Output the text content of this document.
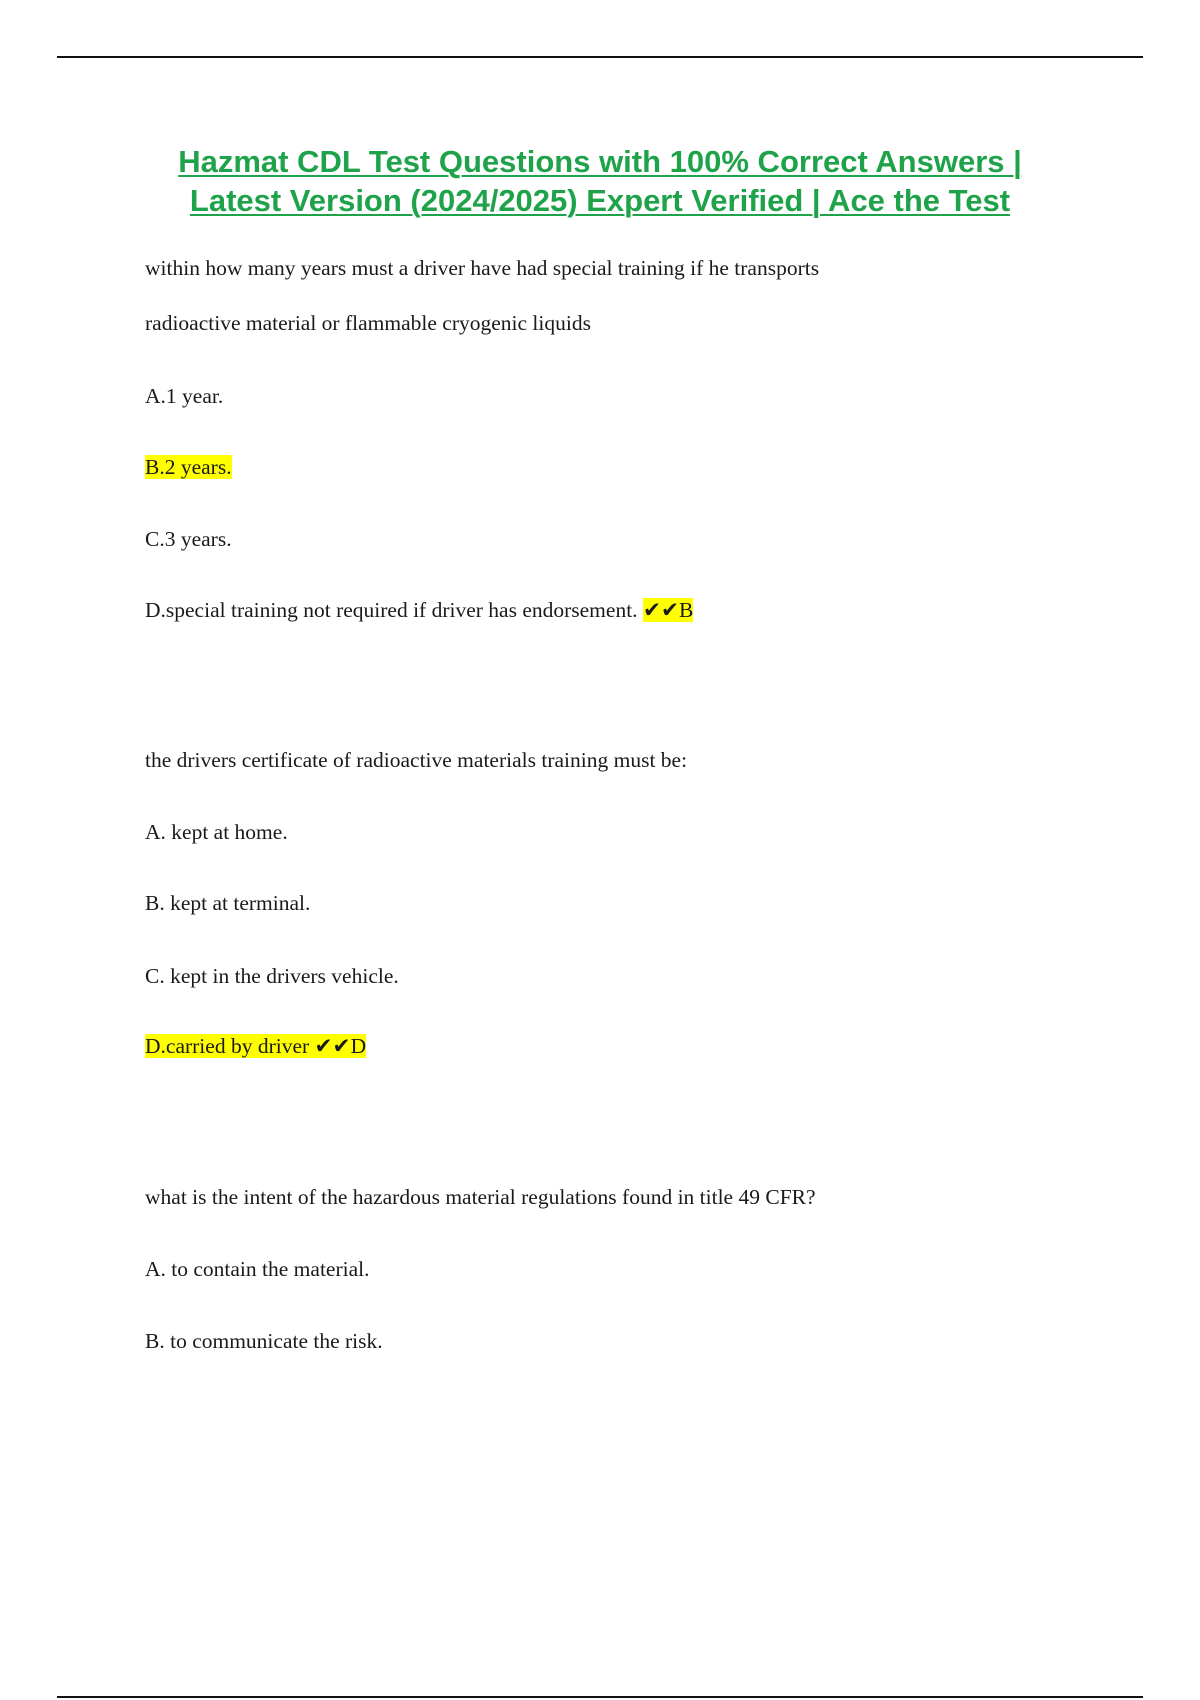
Hazmat CDL Test Questions with 100% Correct Answers |
Latest Version (2024/2025) Expert Verified | Ace the Test
within how many years must a driver have had special training if he transports
radioactive material or flammable cryogenic liquids
A.1 year.
B.2 years.
C.3 years.
D.special training not required if driver has endorsement. ✔✔B
the drivers certificate of radioactive materials training must be:
A. kept at home.
B. kept at terminal.
C. kept in the drivers vehicle.
D.carried by driver ✔✔D
what is the intent of the hazardous material regulations found in title 49 CFR?
A. to contain the material.
B. to communicate the risk.
